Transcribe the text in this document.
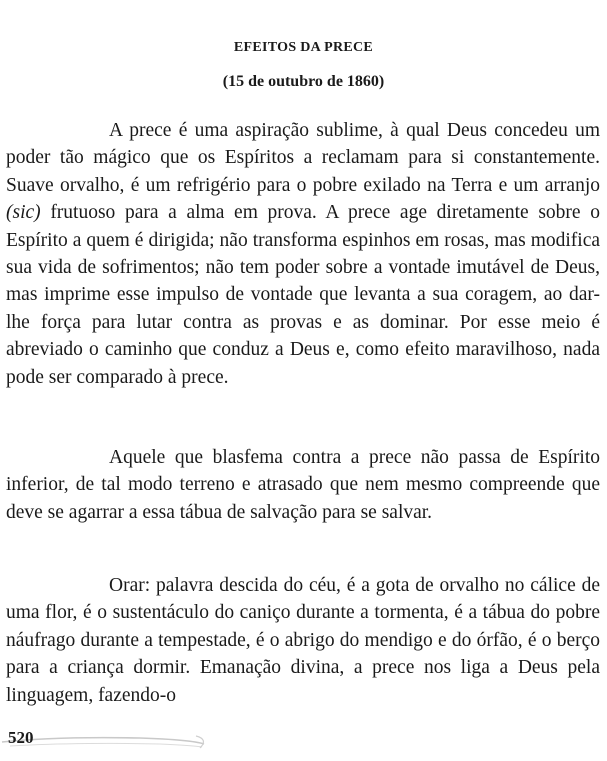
EFEITOS DA PRECE
(15 de outubro de 1860)

A prece é uma aspiração sublime, à qual Deus concedeu um poder tão mágico que os Espíritos a reclamam para si constantemente. Suave orvalho, é um refrigério para o pobre exilado na Terra e um arranjo (sic) frutuoso para a alma em prova. A prece age diretamente sobre o Espírito a quem é dirigida; não transforma espinhos em rosas, mas modifica sua vida de sofrimentos; não tem poder sobre a vontade imutável de Deus, mas imprime esse impulso de vontade que levanta a sua coragem, ao dar-lhe força para lutar contra as provas e as dominar. Por esse meio é abreviado o caminho que conduz a Deus e, como efeito maravilhoso, nada pode ser comparado à prece.

Aquele que blasfema contra a prece não passa de Espírito inferior, de tal modo terreno e atrasado que nem mesmo compreende que deve se agarrar a essa tábua de salvação para se salvar.

Orar: palavra descida do céu, é a gota de orvalho no cálice de uma flor, é o sustentáculo do caniço durante a tormenta, é a tábua do pobre náufrago durante a tempestade, é o abrigo do mendigo e do órfão, é o berço para a criança dormir. Emanação divina, a prece nos liga a Deus pela linguagem, fazendo-o

520
